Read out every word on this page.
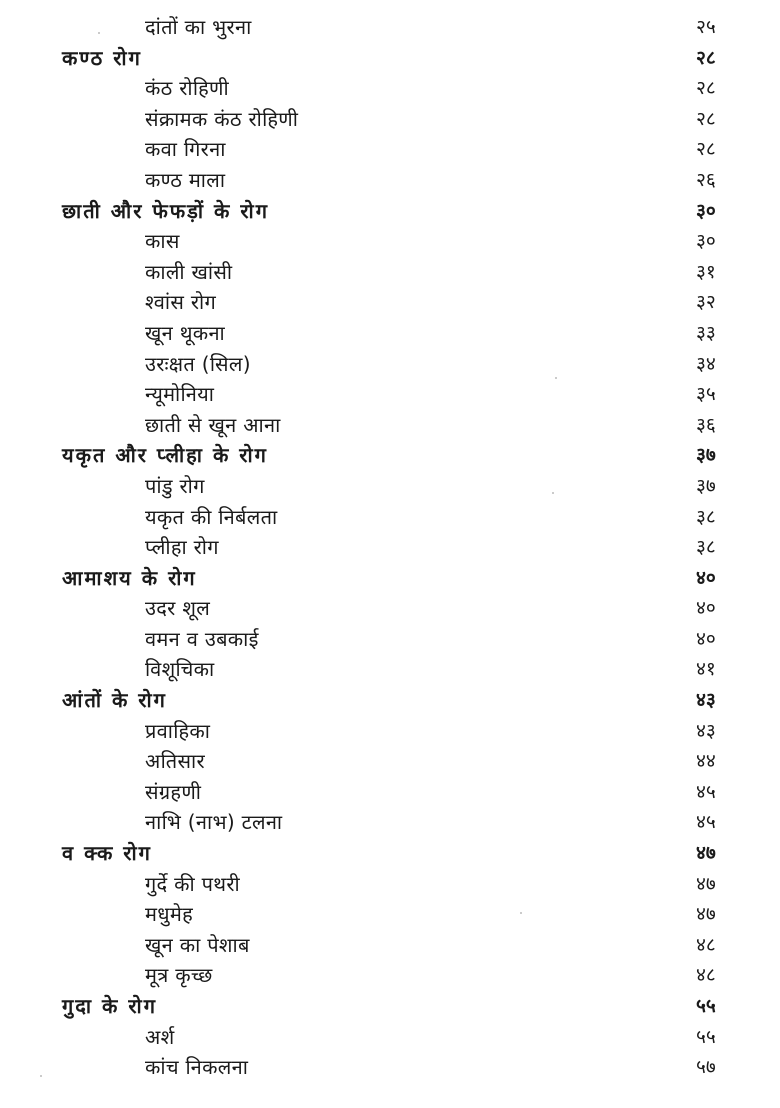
दांतों का भुरना	२५
कण्ठ रोग	२८
कंठ रोहिणी	२८
संक्रामक कंठ रोहिणी	२८
कवा गिरना	२८
कण्ठ माला	२६
छाती और फेफड़ों के रोग	३०
कास	३०
काली खांसी	३१
श्वांस रोग	३२
खून थूकना	३३
उरःक्षत (सिल)	३४
न्यूमोनिया	३५
छाती से खून आना	३६
यकृत और प्लीहा के रोग	३७
पांडु रोग	३७
यकृत की निर्बलता	३८
प्लीहा रोग	३८
आमाशय के रोग	४०
उदर शूल	४०
वमन व उबकाई	४०
विशूचिका	४१
आंतों के रोग	४३
प्रवाहिका	४३
अतिसार	४४
संग्रहणी	४५
नाभि (नाभ) टलना	४५
व क्क रोग	४७
गुर्दे की पथरी	४७
मधुमेह	४७
खून का पेशाब	४८
मूत्र कृच्छ	४८
गुदा के रोग	५५
अर्श	५५
कांच निकलना	५७
